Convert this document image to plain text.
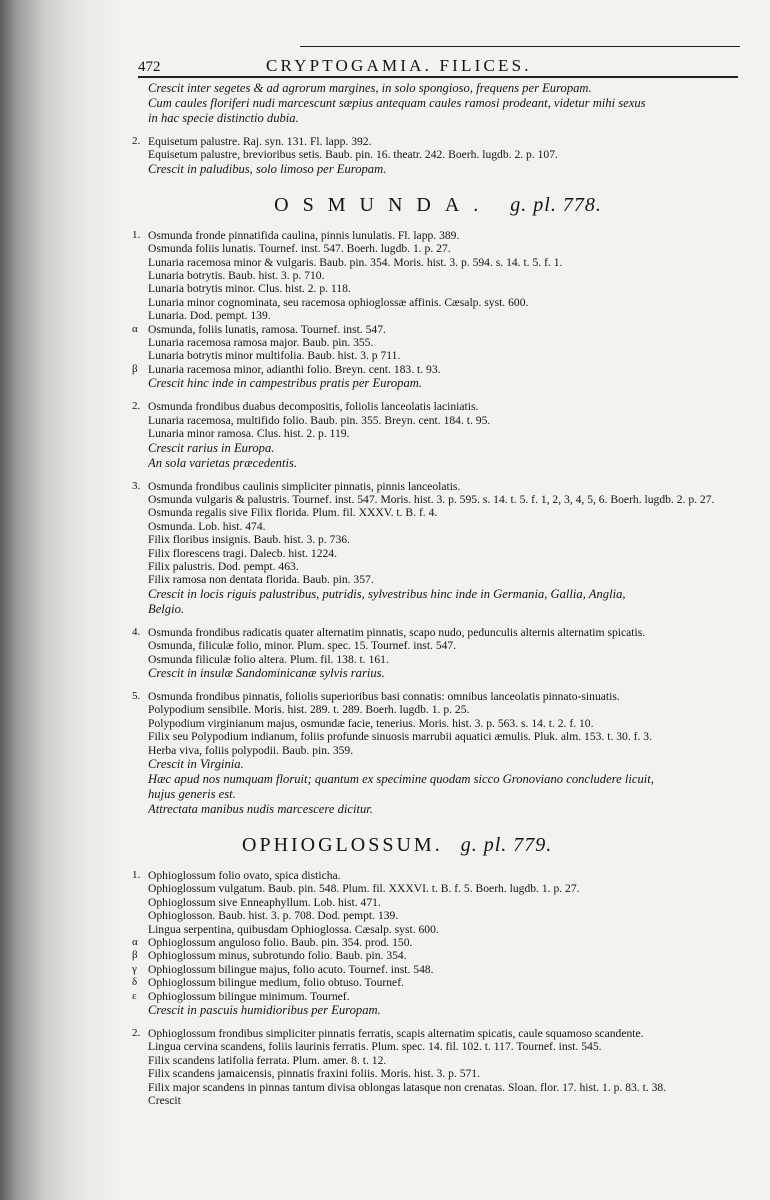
472	CRYPTOGAMIA. FILICES.
Crescit inter segetes & ad agrorum margines, in solo spongioso, frequens per Europam.
Cum caules floriferi nudi marcescunt sæpius antequam caules ramosi prodeant, videtur mihi sexus
in hac specie distinctio dubia.
2. Equisetum palustre. Raj. syn. 131. Fl. lapp. 392.
Equisetum palustre, brevioribus setis. Baub. pin. 16. theatr. 242. Boerh. lugdb. 2. p. 107.
Crescit in paludibus, solo limoso per Europam.
OSMUNDA. g. pl. 778.
1. Osmunda fronde pinnatifida caulina, pinnis lunulatis. Fl. lapp. 389.
Osmunda foliis lunatis. Tournef. inst. 547. Boerh. lugdb. 1. p. 27.
Lunaria racemosa minor & vulgaris. Baub. pin. 354. Moris. hist. 3. p. 594. s. 14. t. 5. f. 1.
Lunaria botrytis. Baub. hist. 3. p. 710.
Lunaria botrytis minor. Clus. hist. 2. p. 118.
Lunaria minor cognominata, seu racemosa ophioglossæ affinis. Cæsalp. syst. 600.
Lunaria. Dod. pempt. 139.
α Osmunda, foliis lunatis, ramosa. Tournef. inst. 547.
Lunaria racemosa ramosa major. Baub. pin. 355.
Lunaria botrytis minor multifolia. Baub. hist. 3. p 711.
β Lunaria racemosa minor, adianthi folio. Breyn. cent. 183. t. 93.
Crescit hinc inde in campestribus pratis per Europam.
2. Osmunda frondibus duabus decompositis, foliolis lanceolatis laciniatis.
Lunaria racemosa, multifido folio. Baub. pin. 355. Breyn. cent. 184. t. 95.
Lunaria minor ramosa. Clus. hist. 2. p. 119.
Crescit rarius in Europa.
An sola varietas præcedentis.
3. Osmunda frondibus caulinis simpliciter pinnatis, pinnis lanceolatis.
Osmunda vulgaris & palustris. Tournef. inst. 547. Moris. hist. 3. p. 595. s. 14. t. 5. f. 1, 2, 3, 4, 5, 6. Boerh. lugdb. 2. p. 27.
Osmunda regalis sive Filix florida. Plum. fil. XXXV. t. B. f. 4.
Osmunda. Lob. hist. 474.
Filix floribus insignis. Baub. hist. 3. p. 736.
Filix florescens tragi. Dalecb. hist. 1224.
Filix palustris. Dod. pempt. 463.
Filix ramosa non dentata florida. Baub. pin. 357.
Crescit in locis riguis palustribus, putridis, sylvestribus hinc inde in Germania, Gallia, Anglia,
Belgio.
4. Osmunda frondibus radicatis quater alternatim pinnatis, scapo nudo, pedunculis alternis alternatim spicatis.
Osmunda, filiculæ folio, minor. Plum. spec. 15. Tournef. inst. 547.
Osmunda filiculæ folio altera. Plum. fil. 138. t. 161.
Crescit in insulæ Sandominicanæ sylvis rarius.
5. Osmunda frondibus pinnatis, foliolis superioribus basi connatis: omnibus lanceolatis pinnato-sinuatis.
Polypodium sensibile. Moris. hist. 289. t. 289. Boerh. lugdb. 1. p. 25.
Polypodium virginianum majus, osmundæ facie, tenerius. Moris. hist. 3. p. 563. s. 14. t. 2. f. 10.
Filix seu Polypodium indianum, foliis profunde sinuosis marrubii aquatici æmulis. Pluk. alm. 153. t. 30. f. 3.
Herba viva, foliis polypodii. Baub. pin. 359.
Crescit in Virginia.
Hæc apud nos numquam floruit; quantum ex specimine quodam sicco Gronoviano concludere licuit,
hujus generis est.
Attrectata manibus nudis marcescere dicitur.
OPHIOGLOSSUM. g. pl. 779.
1. Ophioglossum folio ovato, spica disticha.
Ophioglossum vulgatum. Baub. pin. 548. Plum. fil. XXXVI. t. B. f. 5. Boerh. lugdb. 1. p. 27.
Ophioglossum sive Enneaphyllum. Lob. hist. 471.
Ophioglosson. Baub. hist. 3. p. 708. Dod. pempt. 139.
Lingua serpentina, quibusdam Ophioglossa. Cæsalp. syst. 600.
α Ophioglossum angulosо folio. Baub. pin. 354. prod. 150.
β Ophioglossum minus, subrotundo folio. Baub. pin. 354.
γ Ophioglossum bilingue majus, folio acuto. Tournef. inst. 548.
δ Ophioglossum bilingue medium, folio obtuso. Tournef.
ε Ophioglossum bilingue minimum. Tournef.
Crescit in pascuis humidioribus per Europam.
2. Ophioglossum frondibus simpliciter pinnatis ferratis, scapis alternatim spicatis, caule squamoso scandente.
Lingua cervina scandens, foliis laurinis ferratis. Plum. spec. 14. fil. 102. t. 117. Tournef. inst. 545.
Filix scandens latifolia ferrata. Plum. amer. 8. t. 12.
Filix scandens jamaicensis, pinnatis fraxini foliis. Moris. hist. 3. p. 571.
Filix major scandens in pinnas tantum divisa oblongas latasque non crenatas. Sloan. flor. 17. hist. 1. p. 83. t. 38.
Crescit
